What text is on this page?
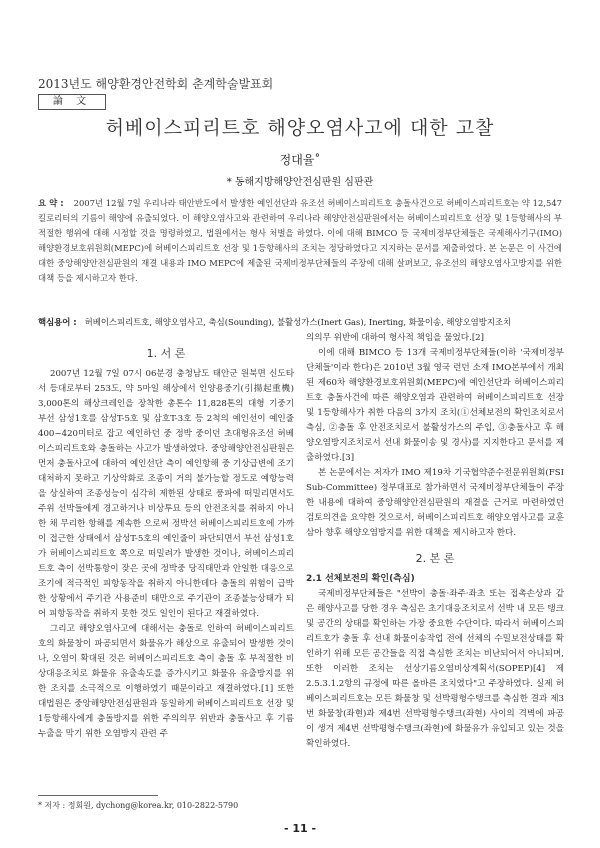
2013년도 해양환경안전학회 춘계학술발표회
論 文
허베이스피리트호 해양오염사고에 대한 고찰
정대율˚
* 동해지방해양안전심판원 심판관
요 약 : 2007년 12월 7일 우리나라 태안반도에서 발생한 예인선단과 유조선 허베이스피리트호 충돌사건으로 허베이스피리트호는 약 12,547킬로리터의 기름이 해양에 유출되었다. 이 해양오염사고와 관련하여 우리나라 해양안전심판원에서는 허베이스피리트호 선장 및 1등항해사의 부적절한 행위에 대해 시정할 것을 명령하였고, 법원에서는 형사 처벌을 하였다. 이에 대해 BIMCO 등 국제비정부단체들은 국제해사기구(IMO) 해양환경보호위원회(MEPC)에 허베이스피리트호 선장 및 1등항해사의 조치는 정당하였다고 지지하는 문서를 제출하였다. 본 논문은 이 사건에 대한 중앙해양안전심판원의 재결 내용과 IMO MEPC에 제출된 국제비정부단체들의 주장에 대해 살펴보고, 유조선의 해양오염사고방지를 위한 대책 등을 제시하고자 한다.
핵심용어 : 허베이스피리트호, 해양오염사고, 축심(Sounding), 불활성가스(Inert Gas), Inerting, 화물이송, 해양오염방지조치
1. 서 론

2007년 12월 7일 07시 06분경 충청남도 태안군 원북면 신도타서 등대로부터 253도, 약 5마일 해상에서 인양용중기(引揚起重機) 3,000톤의 해상크레인을 장착한 총톤수 11,828톤의 대형 기중기 부선 삼성1호를 삼성T-5호 및 삼호T-3호 등 2척의 예인선이 예인줄 400~420미터로 잡고 예인하던 중 정박 중이던 초대형유조선 허베이스피리트호와 충돌하는 사고가 발생하였다. 중앙해양안전심판원은 먼저 충돌사고에 대하여 예인선단 측이 예인항해 중 기상급변에 조기대처하지 못하고 기상악화로 조종이 거의 불가능할 정도로 예항능력을 상실하여 조종성능이 심각히 제한된 상태로 풍파에 떠밀리면서도 주위 선박들에게 경고하거나 비상투묘 등의 안전조치를 취하지 아니한 채 무리한 항해를 계속한 으로써 정박선 허베이스피리트호에 가까이 접근한 상태에서 삼성T-5호의 예인줄이 파단되면서 부선 삼성1호가 허베이스피리트호 쪽으로 떠밀려가 발생한 것이나, 허베이스피리트호 측이 선박통항이 잦은 곳에 정박중 당직태만과 안일한 대응으로 조기에 적극적인 피항동작을 취하지 아니한데다 충돌의 위험이 급박한 상황에서 주기관 사용준비 태만으로 주기관이 조종불능상태가 되어 피항동작을 취하지 못한 것도 일인이 된다고 재결하였다.

그리고 해양오염사고에 대해서는 충돌로 인하여 허베이스피리트호의 화물창이 파공되면서 화물유가 해상으로 유출되어 발생한 것이나, 오염이 확대된 것은 허베이스피리트호 측이 충돌 후 부적절한 비상대응조치로 화물유 유출속도를 증가시키고 화물유 유출방지를 위한 조치를 소극적으로 이행하였기 때문이라고 재결하였다.[1] 또한 대법원은 중앙해양안전심판원과 동일하게 허베이스피리트호 선장 및 1등항해사에게 충돌방지를 위한 주의의무 위반과 충돌사고 후 기름 누출을 막기 위한 오염방지 관련 주

의의무 위반에 대하여 형사적 책임을 물었다.[2]

이에 대해 BIMCO 등 13개 국제비정부단체들(이하 '국제비정부단체들'이라 한다)은 2010년 3월 영국 런던 소재 IMO본부에서 개최된 제60차 해양환경보호위원회(MEPC)에 예인선단과 허베이스피리트호 충돌사건에 따른 해양오염과 관련하여 허베이스피리트호 선장 및 1등항해사가 취한 다음의 3가지 조치(①선체보전의 확인조치로서 측심, ②충돌 후 안전조치로서 불활성가스의 주입, ③충돌사고 후 해양오염방지조치로서 선내 화물이송 및 경사)를 지지한다고 문서를 제출하였다.[3]

본 논문에서는 저자가 IMO 제19차 기국협약준수전문위원회(FSI Sub-Committee) 정부대표로 참가하면서 국제비정부단체들이 주장한 내용에 대하여 중앙해양안전심판원의 재결을 근거로 마련하였던 검토의견을 요약한 것으로서, 허베이스피리트호 해양오염사고를 교훈삼아 향후 해양오염방지를 위한 대책을 제시하고자 한다.

2. 본 론
2.1 선체보전의 확인(측심)

국제비정부단체들은 "선박이 충돌·좌주·좌초 또는 접촉손상과 같은 해양사고를 당한 경우 측심은 초기대응조치로서 선박 내 모든 탱크 및 공간의 상태를 확인하는 가장 중요한 수단이다. 따라서 허베이스피리트호가 충돌 후 선내 화물이송작업 전에 선체의 수밀보전상태를 확인하기 위해 모든 공간들을 직접 측심한 조치는 비난되어서 아니되며, 또한 이러한 조치는 선상기름오염비상계획서(SOPEP)[4] 제2.5.3.1.2항의 규정에 따른 올바른 조치였다"고 주장하였다. 실제 허베이스피리트호는 모든 화물창 및 선박평형수탱크를 측심한 결과 제3번 화물창(좌현)과 제4번 선박평형수탱크(좌현) 사이의 격벽에 파공이 생겨 제4번 선박평형수탱크(좌현)에 화물유가 유입되고 있는 것을 확인하였다.

* 저자 : 정회원, dychong@korea.kr, 010-2822-5790
- 11 -
